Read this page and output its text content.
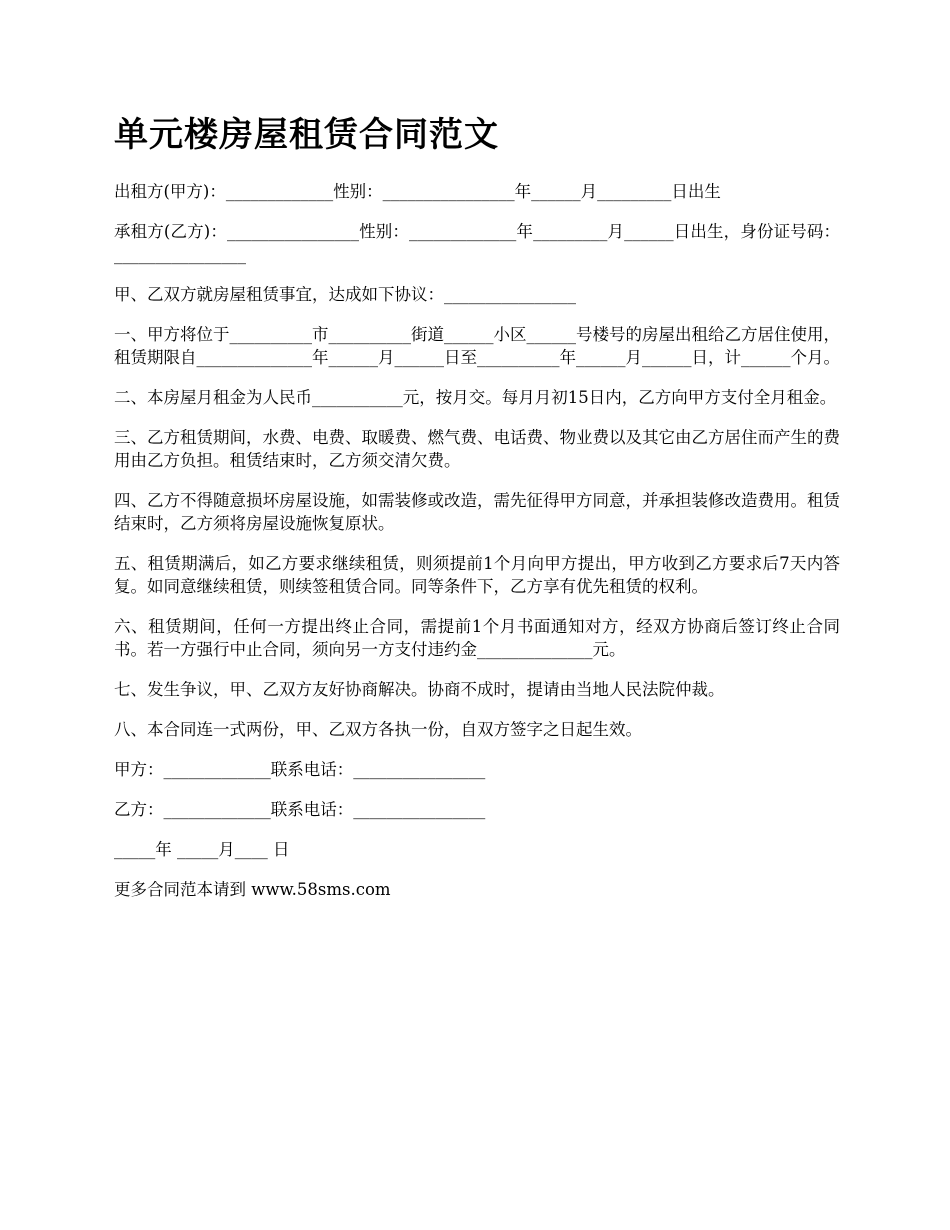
单元楼房屋租赁合同范文

出租方(甲方)：_____________性别：________________年______月_________日出生

承租方(乙方)：________________性别：_____________年_________月______日出生，身份证号码：________________

甲、乙双方就房屋租赁事宜，达成如下协议：________________

一、甲方将位于__________市__________街道______小区______号楼号的房屋出租给乙方居住使用，租赁期限自______________年______月______日至__________年______月______日，计______个月。

二、本房屋月租金为人民币___________元，按月交。每月月初15日内，乙方向甲方支付全月租金。

三、乙方租赁期间，水费、电费、取暖费、燃气费、电话费、物业费以及其它由乙方居住而产生的费用由乙方负担。租赁结束时，乙方须交清欠费。

四、乙方不得随意损坏房屋设施，如需装修或改造，需先征得甲方同意，并承担装修改造费用。租赁结束时，乙方须将房屋设施恢复原状。

五、租赁期满后，如乙方要求继续租赁，则须提前1个月向甲方提出，甲方收到乙方要求后7天内答复。如同意继续租赁，则续签租赁合同。同等条件下，乙方享有优先租赁的权利。

六、租赁期间，任何一方提出终止合同，需提前1个月书面通知对方，经双方协商后签订终止合同书。若一方强行中止合同，须向另一方支付违约金______________元。

七、发生争议，甲、乙双方友好协商解决。协商不成时，提请由当地人民法院仲裁。

八、本合同连一式两份，甲、乙双方各执一份，自双方签字之日起生效。

甲方：_____________联系电话：________________

乙方：_____________联系电话：________________

_____年 _____月____ 日

更多合同范本请到 www.58sms.com
